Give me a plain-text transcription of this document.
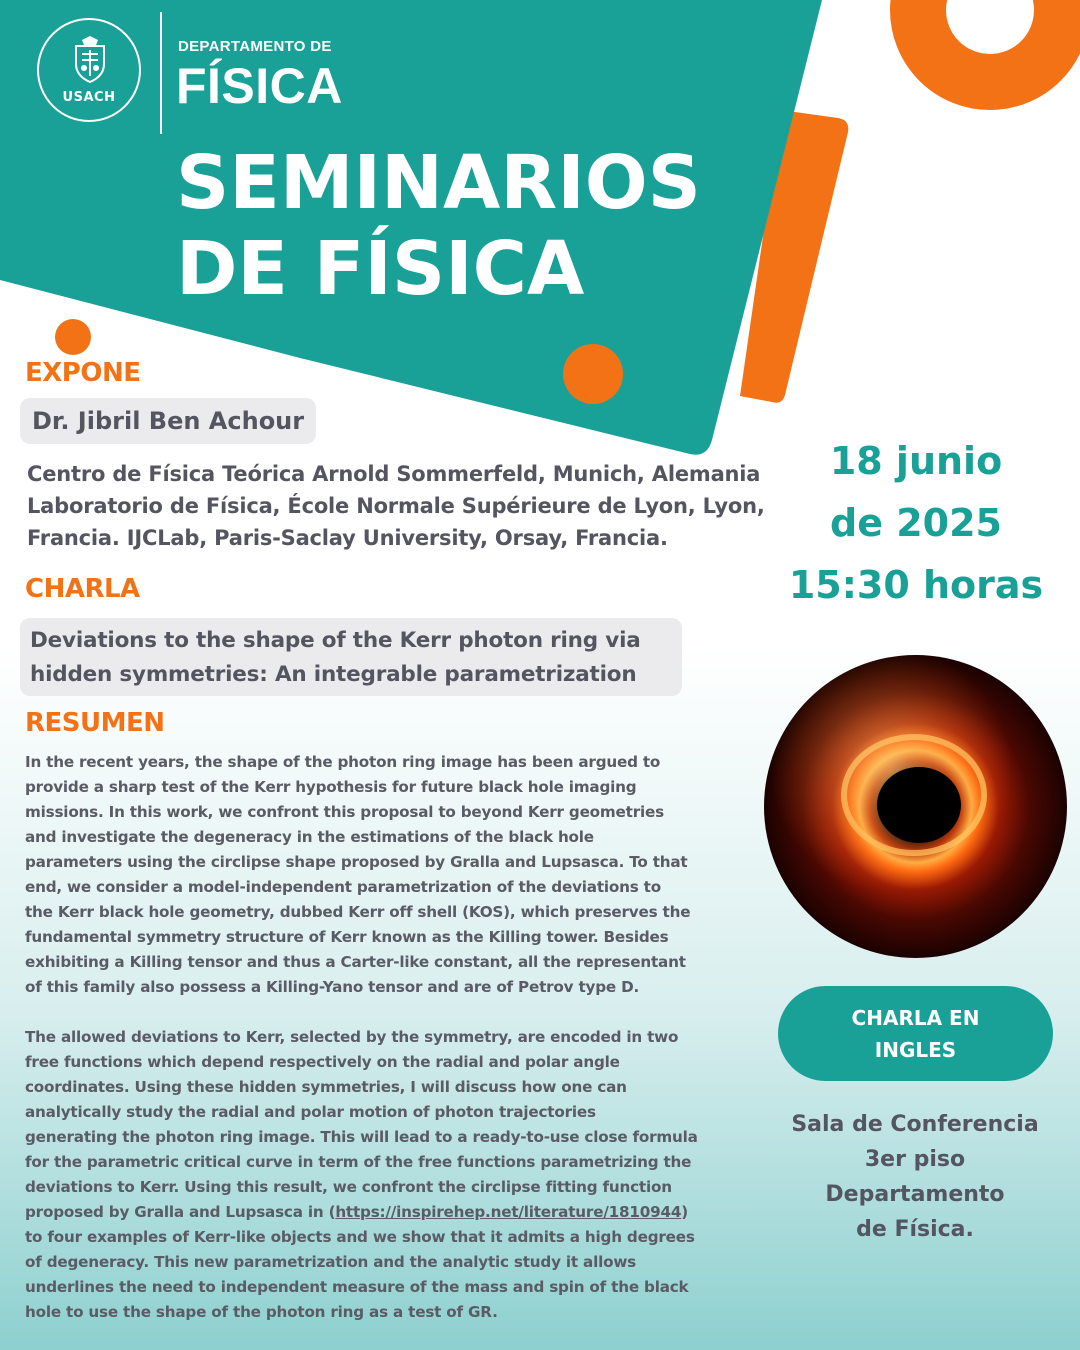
USACH
DEPARTAMENTO DE
FÍSICA
SEMINARIOS
DE FÍSICA
EXPONE
Dr. Jibril Ben Achour
Centro de Física Teórica Arnold Sommerfeld, Munich, Alemania
Laboratorio de Física, École Normale Supérieure de Lyon, Lyon,
Francia. IJCLab, Paris-Saclay University, Orsay, Francia.
CHARLA
Deviations to the shape of the Kerr photon ring via
hidden symmetries: An integrable parametrization
RESUMEN

In the recent years, the shape of the photon ring image has been argued to
provide a sharp test of the Kerr hypothesis for future black hole imaging
missions. In this work, we confront this proposal to beyond Kerr geometries
and investigate the degeneracy in the estimations of the black hole
parameters using the circlipse shape proposed by Gralla and Lupsasca. To that
end, we consider a model-independent parametrization of the deviations to
the Kerr black hole geometry, dubbed Kerr off shell (KOS), which preserves the
fundamental symmetry structure of Kerr known as the Killing tower. Besides
exhibiting a Killing tensor and thus a Carter-like constant, all the representant
of this family also possess a Killing-Yano tensor and are of Petrov type D.

The allowed deviations to Kerr, selected by the symmetry, are encoded in two
free functions which depend respectively on the radial and polar angle
coordinates. Using these hidden symmetries, I will discuss how one can
analytically study the radial and polar motion of photon trajectories
generating the photon ring image. This will lead to a ready-to-use close formula
for the parametric critical curve in term of the free functions parametrizing the
deviations to Kerr. Using this result, we confront the circlipse fitting function
proposed by Gralla and Lupsasca in (https://inspirehep.net/literature/1810944)
to four examples of Kerr-like objects and we show that it admits a high degrees
of degeneracy. This new parametrization and the analytic study it allows
underlines the need to independent measure of the mass and spin of the black
hole to use the shape of the photon ring as a test of GR.

18 junio
de 2025
15:30 horas
CHARLA EN
INGLES
Sala de Conferencia
3er piso
Departamento
de Física.
